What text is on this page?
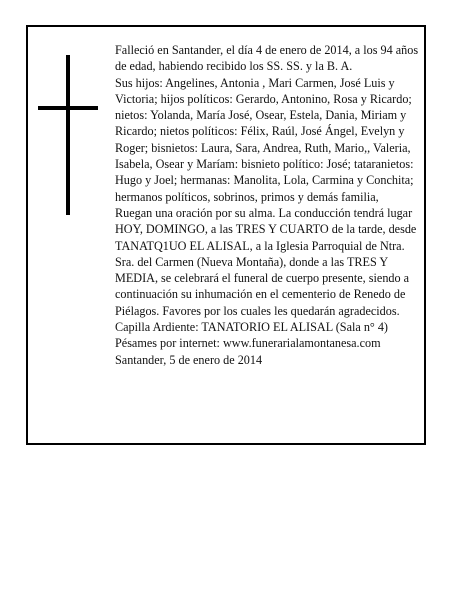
Falleció en Santander, el día 4 de enero de 2014, a los 94 años de edad, habiendo recibido los SS. SS. y la B. A.

Sus hijos: Angelines, Antonia , Mari Carmen, José Luis y Victoria; hijos políticos: Gerardo, Antonino, Rosa y Ricardo; nietos: Yolanda, María José, Osear, Estela, Dania, Miriam y Ricardo; nietos políticos: Félix, Raúl, José Ángel, Evelyn y Roger; bisnietos: Laura, Sara, Andrea, Ruth, Mario,, Valeria, Isabela, Osear y Maríam: bisnieto político: José; tataranietos: Hugo y Joel; hermanas: Manolita, Lola, Carmina y Conchita; hermanos políticos, sobrinos, primos y demás familia,

Ruegan una oración por su alma. La conducción tendrá lugar HOY, DOMINGO, a las TRES Y CUARTO de la tarde, desde TANATQ1UO EL ALISAL, a la Iglesia Parroquial de Ntra. Sra. del Carmen (Nueva Montaña), donde a las TRES Y MEDIA, se celebrará el funeral de cuerpo presente, siendo a continuación su inhumación en el cementerio de Renedo de Piélagos. Favores por los cuales les quedarán agradecidos. Capilla Ardiente: TANATORIO EL ALISAL (Sala n° 4)

Pésames por internet: www.funerarialamontanesa.com

Santander, 5 de enero de 2014
